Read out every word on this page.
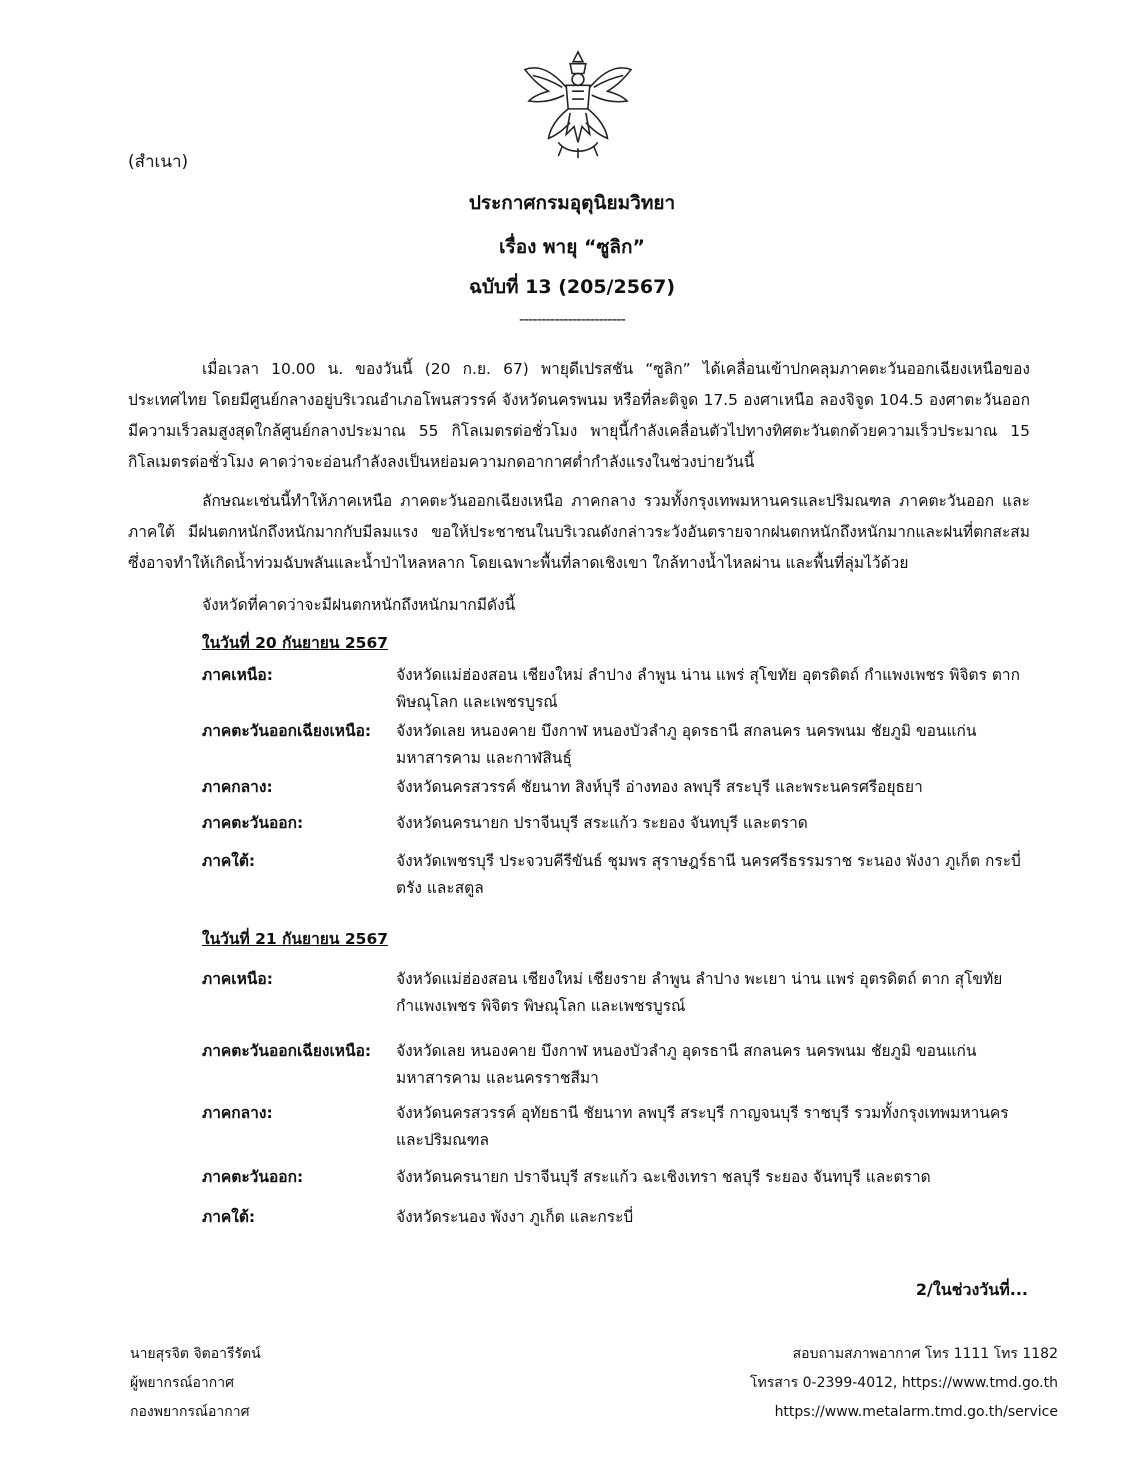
(สำเนา)
ประกาศกรมอุตุนิยมวิทยา
เรื่อง พายุ “ซูลิก”
ฉบับที่ 13 (205/2567)
------------------------
เมื่อเวลา 10.00 น. ของวันนี้ (20 ก.ย. 67) พายุดีเปรสชัน “ซูลิก” ได้เคลื่อนเข้าปกคลุมภาคตะวันออกเฉียงเหนือของประเทศไทย โดยมีศูนย์กลางอยู่บริเวณอำเภอโพนสวรรค์ จังหวัดนครพนม หรือที่ละติจูด 17.5 องศาเหนือ ลองจิจูด 104.5 องศาตะวันออก มีความเร็วลมสูงสุดใกล้ศูนย์กลางประมาณ 55 กิโลเมตรต่อชั่วโมง พายุนี้กำลังเคลื่อนตัวไปทางทิศตะวันตกด้วยความเร็วประมาณ 15 กิโลเมตรต่อชั่วโมง คาดว่าจะอ่อนกำลังลงเป็นหย่อมความกดอากาศต่ำกำลังแรงในช่วงบ่ายวันนี้
ลักษณะเช่นนี้ทำให้ภาคเหนือ ภาคตะวันออกเฉียงเหนือ ภาคกลาง รวมทั้งกรุงเทพมหานครและปริมณฑล ภาคตะวันออก และภาคใต้ มีฝนตกหนักถึงหนักมากกับมีลมแรง ขอให้ประชาชนในบริเวณดังกล่าวระวังอันตรายจากฝนตกหนักถึงหนักมากและฝนที่ตกสะสม ซึ่งอาจทำให้เกิดน้ำท่วมฉับพลันและน้ำป่าไหลหลาก โดยเฉพาะพื้นที่ลาดเชิงเขา ใกล้ทางน้ำไหลผ่าน และพื้นที่ลุ่มไว้ด้วย
จังหวัดที่คาดว่าจะมีฝนตกหนักถึงหนักมากมีดังนี้
ในวันที่ 20 กันยายน 2567
ภาคเหนือ:	จังหวัดแม่ฮ่องสอน เชียงใหม่ ลำปาง ลำพูน น่าน แพร่ สุโขทัย อุตรดิตถ์ กำแพงเพชร พิจิตร ตาก พิษณุโลก และเพชรบูรณ์
ภาคตะวันออกเฉียงเหนือ:	จังหวัดเลย หนองคาย บึงกาฬ หนองบัวลำภู อุดรธานี สกลนคร นครพนม ชัยภูมิ ขอนแก่น มหาสารคาม และกาฬสินธุ์
ภาคกลาง:	จังหวัดนครสวรรค์ ชัยนาท สิงห์บุรี อ่างทอง ลพบุรี สระบุรี และพระนครศรีอยุธยา
ภาคตะวันออก:	จังหวัดนครนายก ปราจีนบุรี สระแก้ว ระยอง จันทบุรี และตราด
ภาคใต้:	จังหวัดเพชรบุรี ประจวบคีรีขันธ์ ชุมพร สุราษฎร์ธานี นครศรีธรรมราช ระนอง พังงา ภูเก็ต กระบี่ ตรัง และสตูล
ในวันที่ 21 กันยายน 2567
ภาคเหนือ:	จังหวัดแม่ฮ่องสอน เชียงใหม่ เชียงราย ลำพูน ลำปาง พะเยา น่าน แพร่ อุตรดิตถ์ ตาก สุโขทัย กำแพงเพชร พิจิตร พิษณุโลก และเพชรบูรณ์
ภาคตะวันออกเฉียงเหนือ:	จังหวัดเลย หนองคาย บึงกาฬ หนองบัวลำภู อุดรธานี สกลนคร นครพนม ชัยภูมิ ขอนแก่น มหาสารคาม และนครราชสีมา
ภาคกลาง:	จังหวัดนครสวรรค์ อุทัยธานี ชัยนาท ลพบุรี สระบุรี กาญจนบุรี ราชบุรี รวมทั้งกรุงเทพมหานคร และปริมณฑล
ภาคตะวันออก:	จังหวัดนครนายก ปราจีนบุรี สระแก้ว ฉะเชิงเทรา ชลบุรี ระยอง จันทบุรี และตราด
ภาคใต้:	จังหวัดระนอง พังงา ภูเก็ต และกระบี่
2/ในช่วงวันที่...
นายสุรจิต จิตอารีรัตน์
ผู้พยากรณ์อากาศ
กองพยากรณ์อากาศ
สอบถามสภาพอากาศ โทร 1111 โทร 1182
โทรสาร 0-2399-4012, https://www.tmd.go.th
https://www.metalarm.tmd.go.th/service
